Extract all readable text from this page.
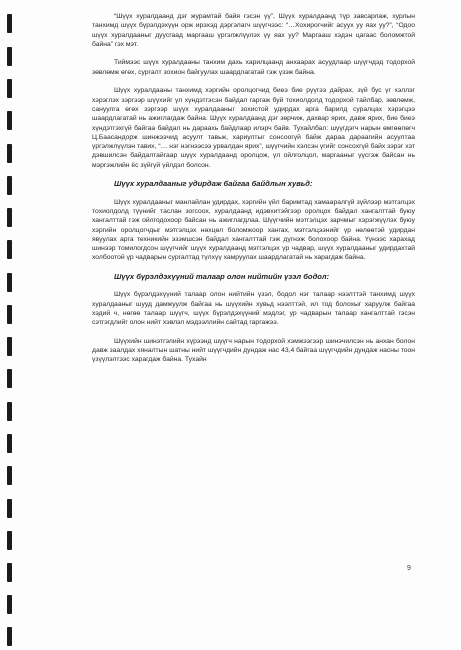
“Шүүх хуралдаанд дэг журамтай байя гэсэн үү”, Шүүх хуралдаанд түр завсарлаж, хурлын танхимд шүүх бүрэлдэхүүн орж ирэхэд дэргэлагч шүүгчээс: “…Хохирогчийг асуух уу яах уу?”, “Одоо шүүх хуралдааныг дуусгаад маргааш үргэлжлүүлэх үү яах уу? Маргааш хэдэн цагаас боломжтой байна” гэх мэт.

Тиймээс шүүх хуралдааны танхим дахь харилцаанд анхаарах асуудлаар шүүгчдэд тодорхой зөвлөмж өгөх, сургалт зохион байгуулах шаардлагатай гэж үзэж байна.

Шүүх хуралдааны танхимд хэргийн оролцогчид биеэ бие рүүгээ дайрах, зүй бус үг хэллэг хэрэглэх зэргээр шүүхийг үл хүндэтгэсэн байдал гаргаж буй тохиолдолд тодорхой тайлбар, зөвлөмж, сануулга өгөх зэргээр шүүх хуралдааныг зохистой удирдах арга барилд суралцах хэрэгцээ шаардлагатай нь ажиглагдаж байна. Шүүх хуралдаанд дэг зөрчиж, дахвар ярих, давж ярих, бие биеэ хүндэтгэхгүй байгаа байдал нь дараахь байдлаар илэрч байв. Тухайлбал: шүүгдэгч нарын өмгөөлөгч Ц.Баасандорж шинжээчид асуулт тавьж, хариултыг сонсоогүй байж дараа дараагийн асуултаа үргэлжлүүлэн тавих, “… нэг нэгнээсээ урвалдан ярих”, шүүгчийн хэлсэн үгийг сонсохгүй байх зэрэг хэт дэвшилсэн байдалтайгаар шүүх хуралдаанд оролцож, үл ойлголцол, маргааныг үүсгэж байсан нь мэргэжлийн ёс зүйгүй үйлдэл болсон.

Шүүх хуралдааныг удирдаж байгаа байдлын хувьд:

Шүүх хуралдааныг манлайлан удирдах, хэргийн үйл баримтад хамааралгүй зүйлээр мэтгэлцэх тохиолдолд түүнийг таслан зогсоох, хуралдаанд идэвхитэйгээр оролцох байдал хангалттай буюу хангалттай гэж ойлгодохоор байсан нь ажиглагдлаа. Шүүгчийн мэтгэлцэх зарчмыг хэрэгжүүлэх буюу хэргийн оролцогчдыг мэтгэлцэх нөхцөл боломжоор хангах, мэтгэлцээнийг үр нөлөөтэй удирдан явуулах арга техникийн эзэмшсэн байдал хангалттай гэж дүгнэж болохоор байна. Үүнээс харахад шинээр томилогдсон шүүгчийг шүүх хуралдаанд мэтгэлцэх үр чадвар, шүүх хуралдааныг удирдахтай холбоотой үр чадварын сургалтад түлхүү хамруулах шаардлагатай нь харагдаж байна.

Шүүх бүрэлдэхүүний талаар олон нийтийн үзэл бодол:

Шүүх бүрэлдэхүүний талаар олон нийтийн үзэл, бодол нэг талаар нээлттэй танхимд шүүх хуралдааныг шууд дамжуулж байгаа нь шүүхийн хувьд нээлттэй, ил тод болохыг харуулж байгаа хэдий ч, нөгөө талаар шүүгч, шүүх бүрэлдэхүүний мэдлэг, ур чадварын талаар хангалттай гэсэн сэтгэгдлийг олон нийт хэвлэл мэдээллийн сайтад гаргажээ.

Шүүхийн шинэтгэлийн хүрээнд шүүгч нарын тодорхой хэмжээгээр шинэчилсэн нь анхан болон давж заалдах хяналтын шатны нийт шүүгчдийн дундаж нас 43,4 байгаа шүүгчдийн дундаж насны тоон үзүүлэлтээс харагдаж байна. Тухайн

9
